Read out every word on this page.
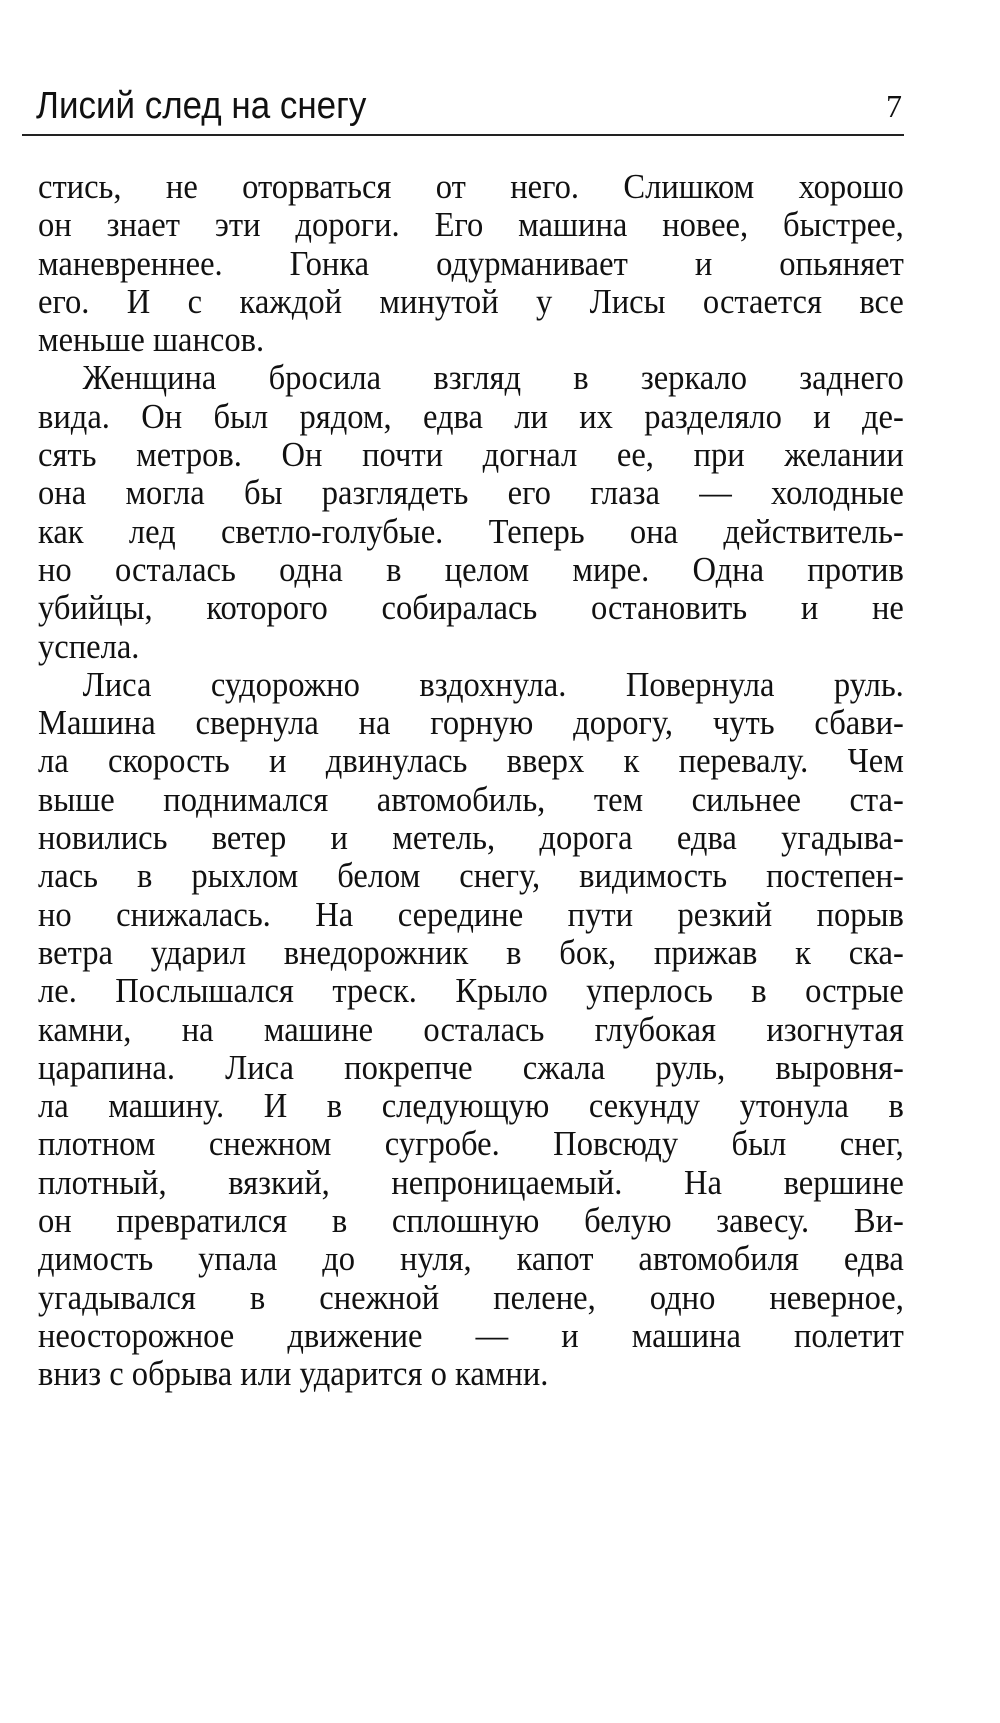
Лисий след на снегу	7
стись, не оторваться от него. Слишком хорошо
он знает эти дороги. Его машина новее, быстрее,
маневреннее. Гонка одурманивает и опьяняет
его. И с каждой минутой у Лисы остается все
меньше шансов.
Женщина бросила взгляд в зеркало заднего
вида. Он был рядом, едва ли их разделяло и де-
сять метров. Он почти догнал ее, при желании
она могла бы разглядеть его глаза — холодные
как лед светло-голубые. Теперь она действитель-
но осталась одна в целом мире. Одна против
убийцы, которого собиралась остановить и не
успела.
Лиса судорожно вздохнула. Повернула руль.
Машина свернула на горную дорогу, чуть сбави-
ла скорость и двинулась вверх к перевалу. Чем
выше поднимался автомобиль, тем сильнее ста-
новились ветер и метель, дорога едва угадыва-
лась в рыхлом белом снегу, видимость постепен-
но снижалась. На середине пути резкий порыв
ветра ударил внедорожник в бок, прижав к ска-
ле. Послышался треск. Крыло уперлось в острые
камни, на машине осталась глубокая изогнутая
царапина. Лиса покрепче сжала руль, выровня-
ла машину. И в следующую секунду утонула в
плотном снежном сугробе. Повсюду был снег,
плотный, вязкий, непроницаемый. На вершине
он превратился в сплошную белую завесу. Ви-
димость упала до нуля, капот автомобиля едва
угадывался в снежной пелене, одно неверное,
неосторожное движение — и машина полетит
вниз с обрыва или ударится о камни.
